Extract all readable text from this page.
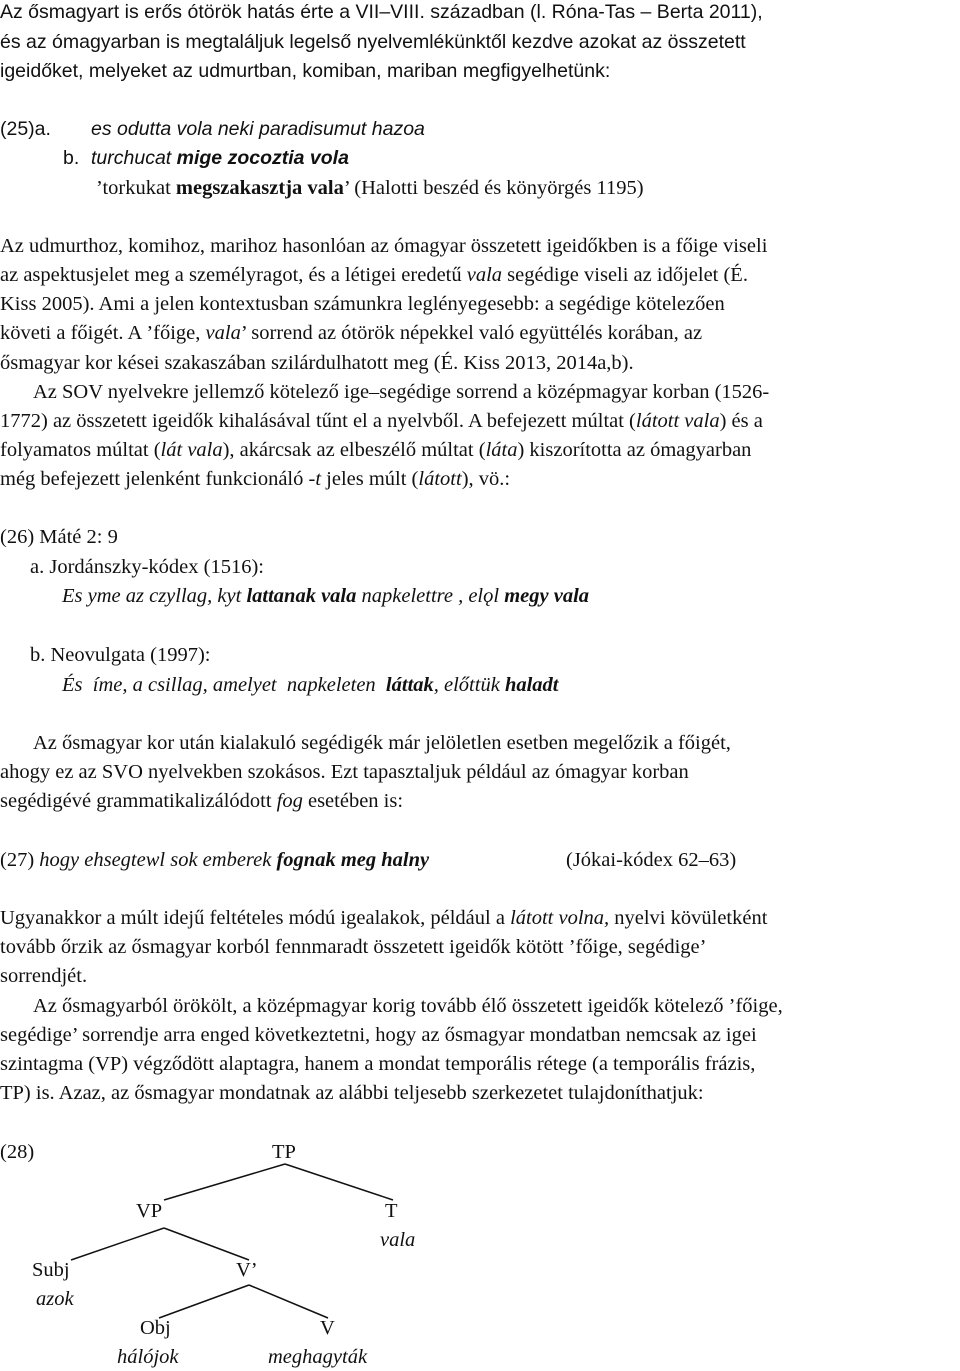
Az ősmagyart is erős ótörök hatás érte a VII–VIII. században (l. Róna-Tas – Berta 2011),
és az ómagyarban is megtaláljuk legelső nyelvemlékünktől kezdve azokat az összetett
igeidőket, melyeket az udmurtban, komiban, mariban megfigyelhetünk:
(25)a. es odutta vola neki paradisumut hazoa
b. turchucat mige zocoztia vola
’torkukat megszakasztja vala’ (Halotti beszéd és könyörgés 1195)
Az udmurthoz, komihoz, marihoz hasonlóan az ómagyar összetett igeidőkben is a főige viseli
az aspektusjelet meg a személyragot, és a létigei eredetű vala segédige viseli az időjelet (É.
Kiss 2005). Ami a jelen kontextusban számunkra leglényegesebb: a segédige kötelezően
követi a főigét. A ’főige, vala’ sorrend az ótörök népekkel való együttélés korában, az
ősmagyar kor kései szakaszában szilárdulhatott meg (É. Kiss 2013, 2014a,b).
Az SOV nyelvekre jellemző kötelező ige–segédige sorrend a középmagyar korban (1526-
1772) az összetett igeidők kihalásával tűnt el a nyelvből. A befejezett múltat (látott vala) és a
folyamatos múltat (lát vala), akárcsak az elbeszélő múltat (láta) kiszorította az ómagyarban
még befejezett jelenként funkcionáló -t jeles múlt (látott), vö.:
(26) Máté 2: 9
a. Jordánszky-kódex (1516):
Es yme az czyllag, kyt lattanak vala napkelettre , elǫl megy vala
b. Neovulgata (1997):
És  íme, a csillag, amelyet  napkeleten  láttak, előttük haladt
Az ősmagyar kor után kialakuló segédigék már jelöletlen esetben megelőzik a főigét,
ahogy ez az SVO nyelvekben szokásos. Ezt tapasztaljuk például az ómagyar korban
segédigévé grammatikalizálódott fog esetében is:
(27) hogy ehsegtewl sok emberek fognak meg halny	(Jókai-kódex 62–63)
Ugyanakkor a múlt idejű feltételes módú igealakok, például a látott volna, nyelvi kövületként
tovább őrzik az ősmagyar korból fennmaradt összetett igeidők kötött ’főige, segédige’
sorrendjét.
Az ősmagyarból örökölt, a középmagyar korig tovább élő összetett igeidők kötelező ’főige,
segédige’ sorrendje arra enged következtetni, hogy az ősmagyar mondatban nemcsak az igei
szintagma (VP) végződött alaptagra, hanem a mondat temporális rétege (a temporális frázis,
TP) is. Azaz, az ősmagyar mondatnak az alábbi teljesebb szerkezetet tulajdoníthatjuk:
(28)	TP
VP	T
vala
Subj
azok
V’
Obj
hálójok
V
meghagyták
